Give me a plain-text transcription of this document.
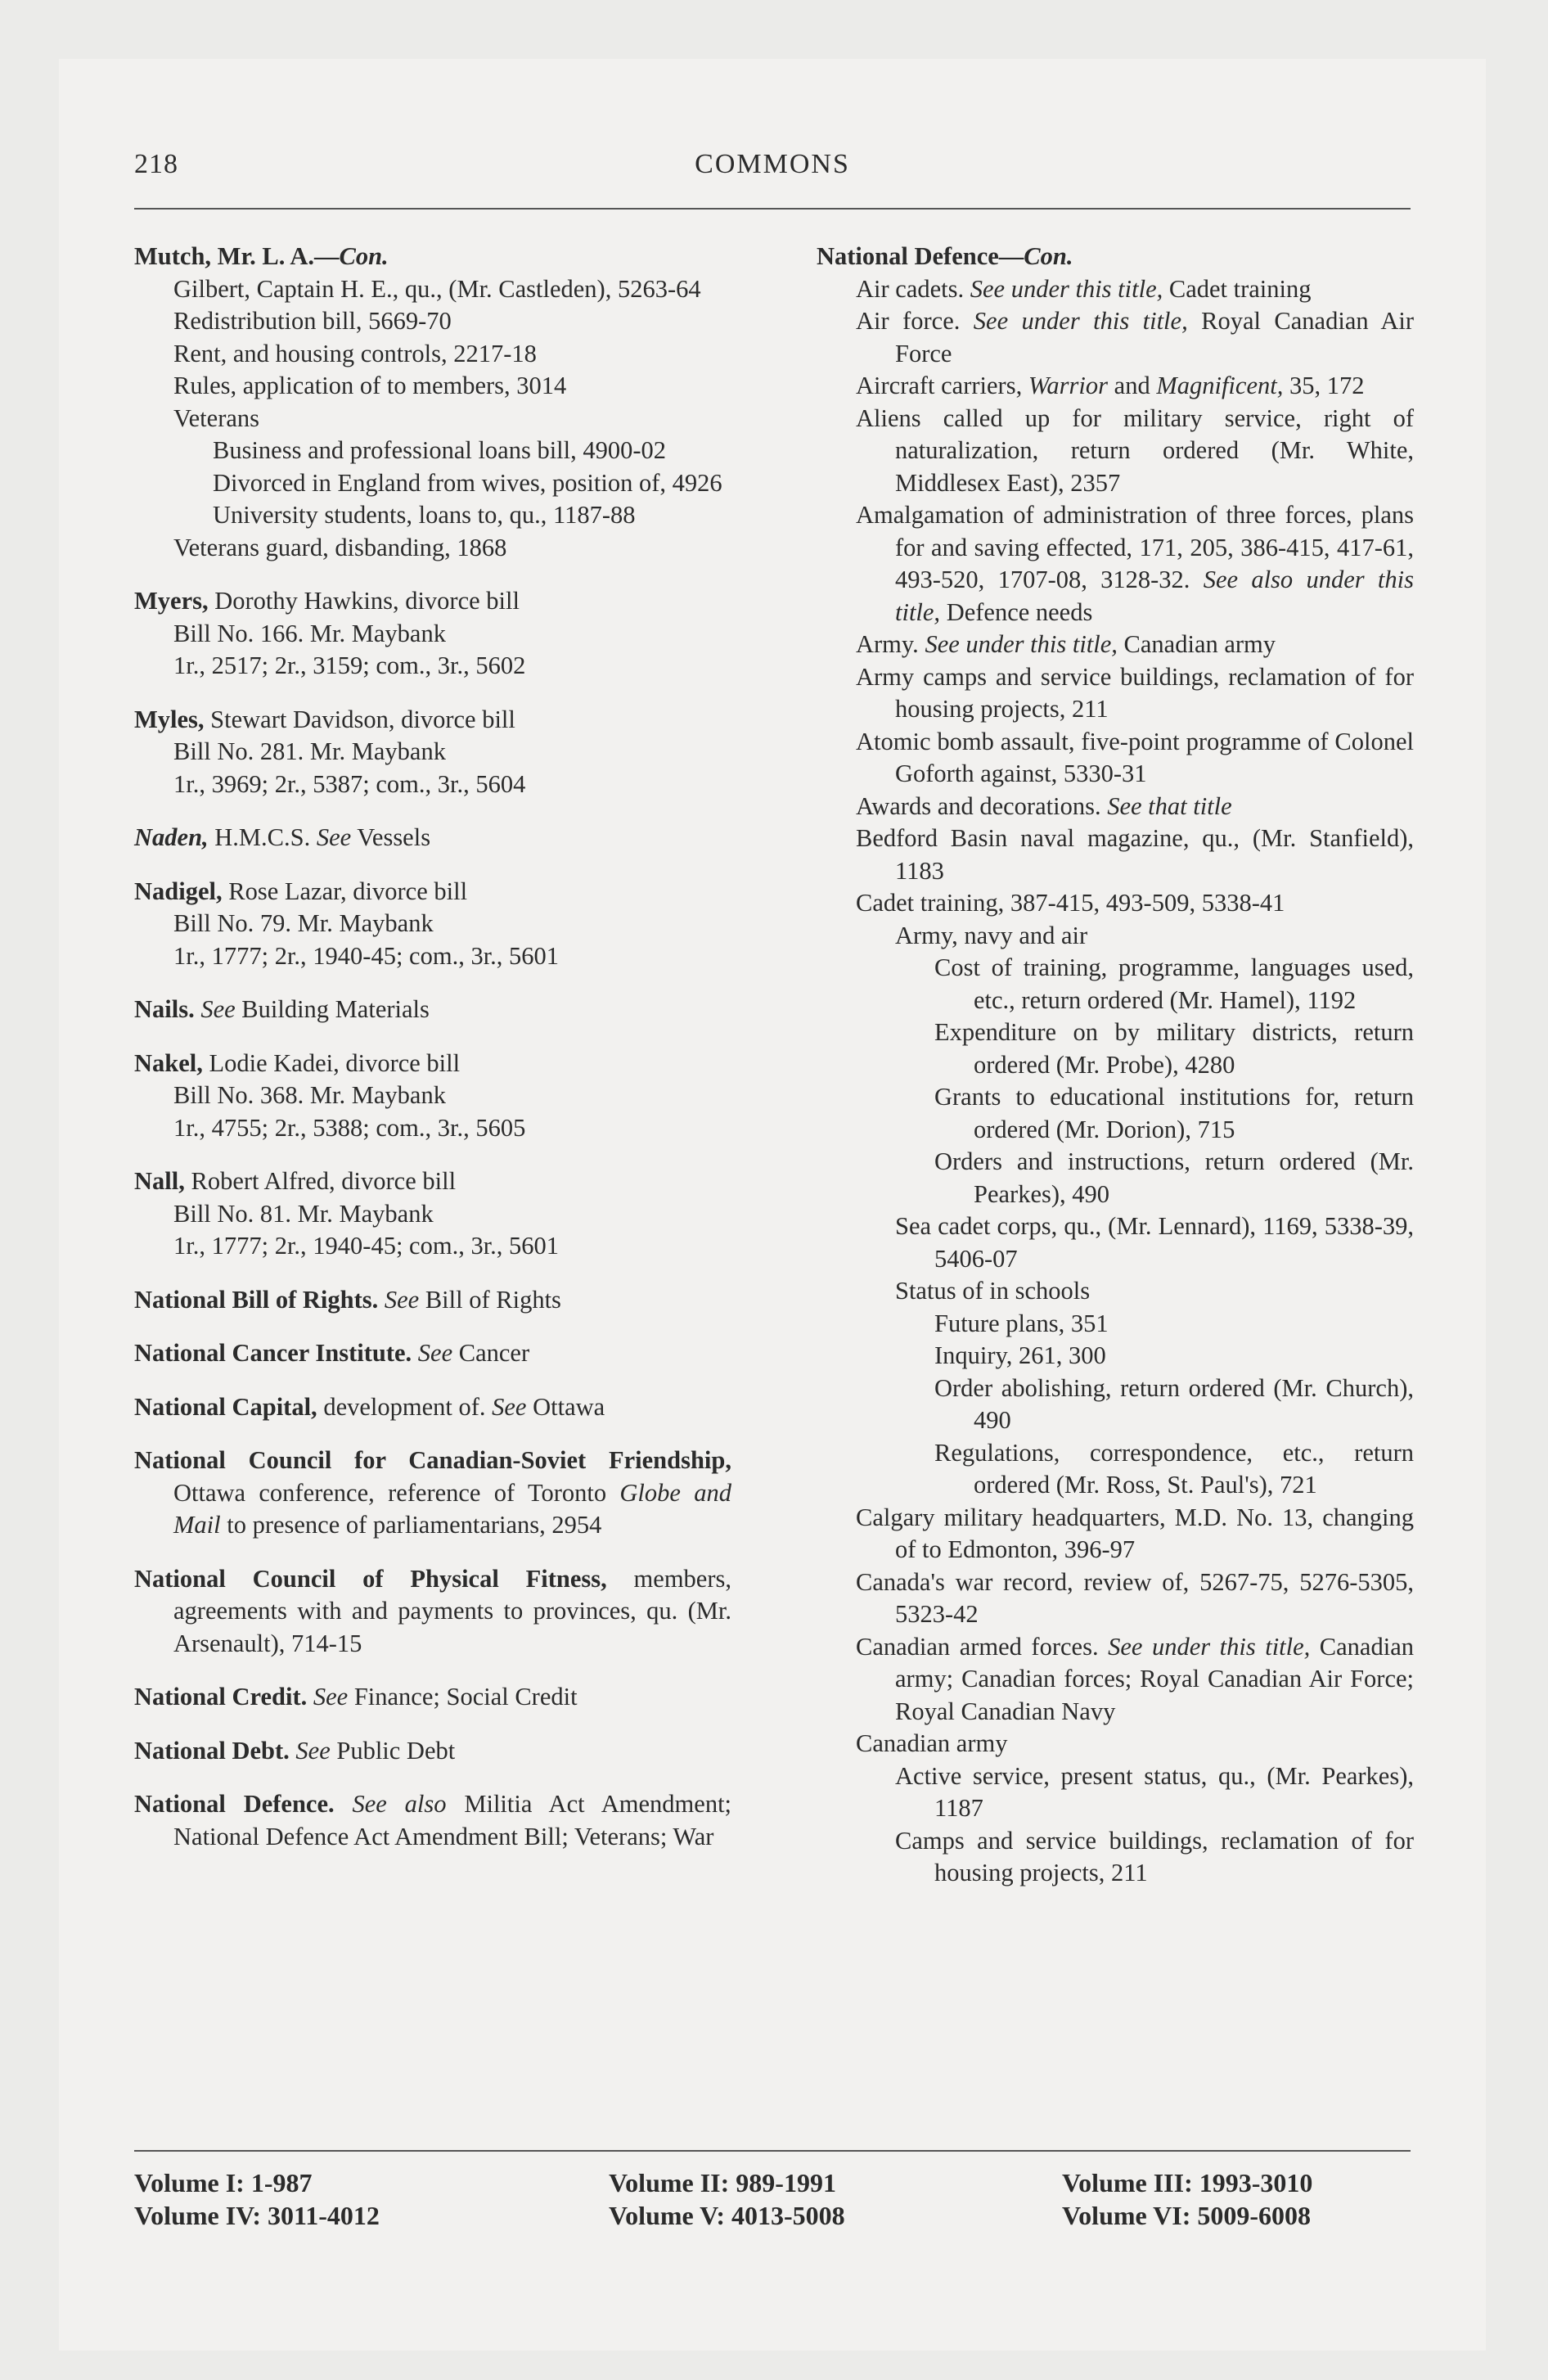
218	COMMONS
Mutch, Mr. L. A.—Con.
Gilbert, Captain H. E., qu., (Mr. Castleden), 5263-64
Redistribution bill, 5669-70
Rent, and housing controls, 2217-18
Rules, application of to members, 3014
Veterans
Business and professional loans bill, 4900-02
Divorced in England from wives, position of, 4926
University students, loans to, qu., 1187-88
Veterans guard, disbanding, 1868
Myers, Dorothy Hawkins, divorce bill
Bill No. 166. Mr. Maybank
1r., 2517; 2r., 3159; com., 3r., 5602
Myles, Stewart Davidson, divorce bill
Bill No. 281. Mr. Maybank
1r., 3969; 2r., 5387; com., 3r., 5604
Naden, H.M.C.S. See Vessels
Nadigel, Rose Lazar, divorce bill
Bill No. 79. Mr. Maybank
1r., 1777; 2r., 1940-45; com., 3r., 5601
Nails. See Building Materials
Nakel, Lodie Kadei, divorce bill
Bill No. 368. Mr. Maybank
1r., 4755; 2r., 5388; com., 3r., 5605
Nall, Robert Alfred, divorce bill
Bill No. 81. Mr. Maybank
1r., 1777; 2r., 1940-45; com., 3r., 5601
National Bill of Rights. See Bill of Rights
National Cancer Institute. See Cancer
National Capital, development of. See Ottawa
National Council for Canadian-Soviet Friendship, Ottawa conference, reference of Toronto Globe and Mail to presence of parliamentarians, 2954
National Council of Physical Fitness, members, agreements with and payments to provinces, qu. (Mr. Arsenault), 714-15
National Credit. See Finance; Social Credit
National Debt. See Public Debt
National Defence. See also Militia Act Amendment; National Defence Act Amendment Bill; Veterans; War
National Defence—Con.
Air cadets. See under this title, Cadet training
Air force. See under this title, Royal Canadian Air Force
Aircraft carriers, Warrior and Magnificent, 35, 172
Aliens called up for military service, right of naturalization, return ordered (Mr. White, Middlesex East), 2357
Amalgamation of administration of three forces, plans for and saving effected, 171, 205, 386-415, 417-61, 493-520, 1707-08, 3128-32. See also under this title, Defence needs
Army. See under this title, Canadian army
Army camps and service buildings, reclamation of for housing projects, 211
Atomic bomb assault, five-point programme of Colonel Goforth against, 5330-31
Awards and decorations. See that title
Bedford Basin naval magazine, qu., (Mr. Stanfield), 1183
Cadet training, 387-415, 493-509, 5338-41
Army, navy and air
Cost of training, programme, languages used, etc., return ordered (Mr. Hamel), 1192
Expenditure on by military districts, return ordered (Mr. Probe), 4280
Grants to educational institutions for, return ordered (Mr. Dorion), 715
Orders and instructions, return ordered (Mr. Pearkes), 490
Sea cadet corps, qu., (Mr. Lennard), 1169, 5338-39, 5406-07
Status of in schools
Future plans, 351
Inquiry, 261, 300
Order abolishing, return ordered (Mr. Church), 490
Regulations, correspondence, etc., return ordered (Mr. Ross, St. Paul's), 721
Calgary military headquarters, M.D. No. 13, changing of to Edmonton, 396-97
Canada's war record, review of, 5267-75, 5276-5305, 5323-42
Canadian armed forces. See under this title, Canadian army; Canadian forces; Royal Canadian Air Force; Royal Canadian Navy
Canadian army
Active service, present status, qu., (Mr. Pearkes), 1187
Camps and service buildings, reclamation of for housing projects, 211
Volume I: 1-987	Volume II: 989-1991	Volume III: 1993-3010
Volume IV: 3011-4012	Volume V: 4013-5008	Volume VI: 5009-6008
